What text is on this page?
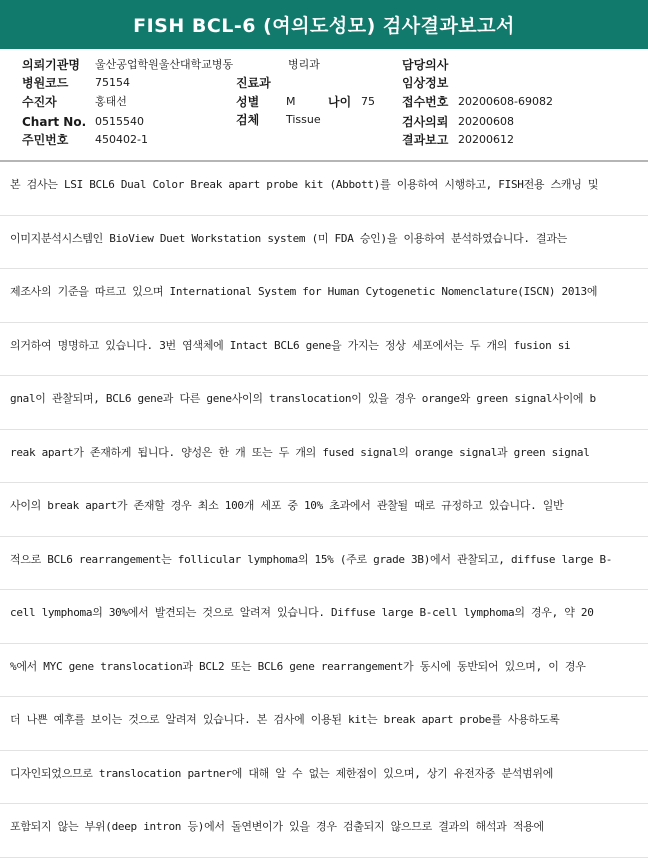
FISH BCL-6 (여의도성모) 검사결과보고서
의뢰기관명 울산공업학원울산대학교병동	병리과	담당의사
병원코드 75154	진료과	임상정보
수진자	홍태선	성별 M	나이 75 접수번호 20200608-69082
Chart No. 0515540	검체 Tissue	검사의뢰 20200608
주민번호 450402-1	결과보고 20200612
본 검사는 LSI BCL6 Dual Color Break apart probe kit (Abbott)를 이용하여 시행하고, FISH전용 스캐닝 및
이미지분석시스템인 BioView Duet Workstation system (미 FDA 승인)을 이용하여 분석하였습니다. 결과는
제조사의 기준을 따르고 있으며 International System for Human Cytogenetic Nomenclature(ISCN) 2013에
의거하여 명명하고 있습니다. 3번 염색체에 Intact BCL6 gene을 가지는 정상 세포에서는 두 개의 fusion si
gnal이 관찰되며, BCL6 gene과 다른 gene사이의 translocation이 있을 경우 orange와 green signal사이에 b
reak apart가 존재하게 됩니다. 양성은 한 개 또는 두 개의 fused signal의 orange signal과 green signal
사이의 break apart가 존재할 경우 최소 100개 세포 중 10% 초과에서 관찰될 때로 규정하고 있습니다. 일반
적으로 BCL6 rearrangement는 follicular lymphoma의 15% (주로 grade 3B)에서 관찰되고, diffuse large B-
cell lymphoma의 30%에서 발견되는 것으로 알려져 있습니다. Diffuse large B-cell lymphoma의 경우, 약 20
%에서 MYC gene translocation과 BCL2 또는 BCL6 gene rearrangement가 동시에 동반되어 있으며, 이 경우
더 나쁜 예후를 보이는 것으로 알려져 있습니다. 본 검사에 이용된 kit는 break apart probe를 사용하도록
디자인되었으므로 translocation partner에 대해 알 수 없는 제한점이 있으며, 상기 유전자중 분석범위에
포함되지 않는 부위(deep intron 등)에서 돌연변이가 있을 경우 검출되지 않으므로 결과의 해석과 적용에
